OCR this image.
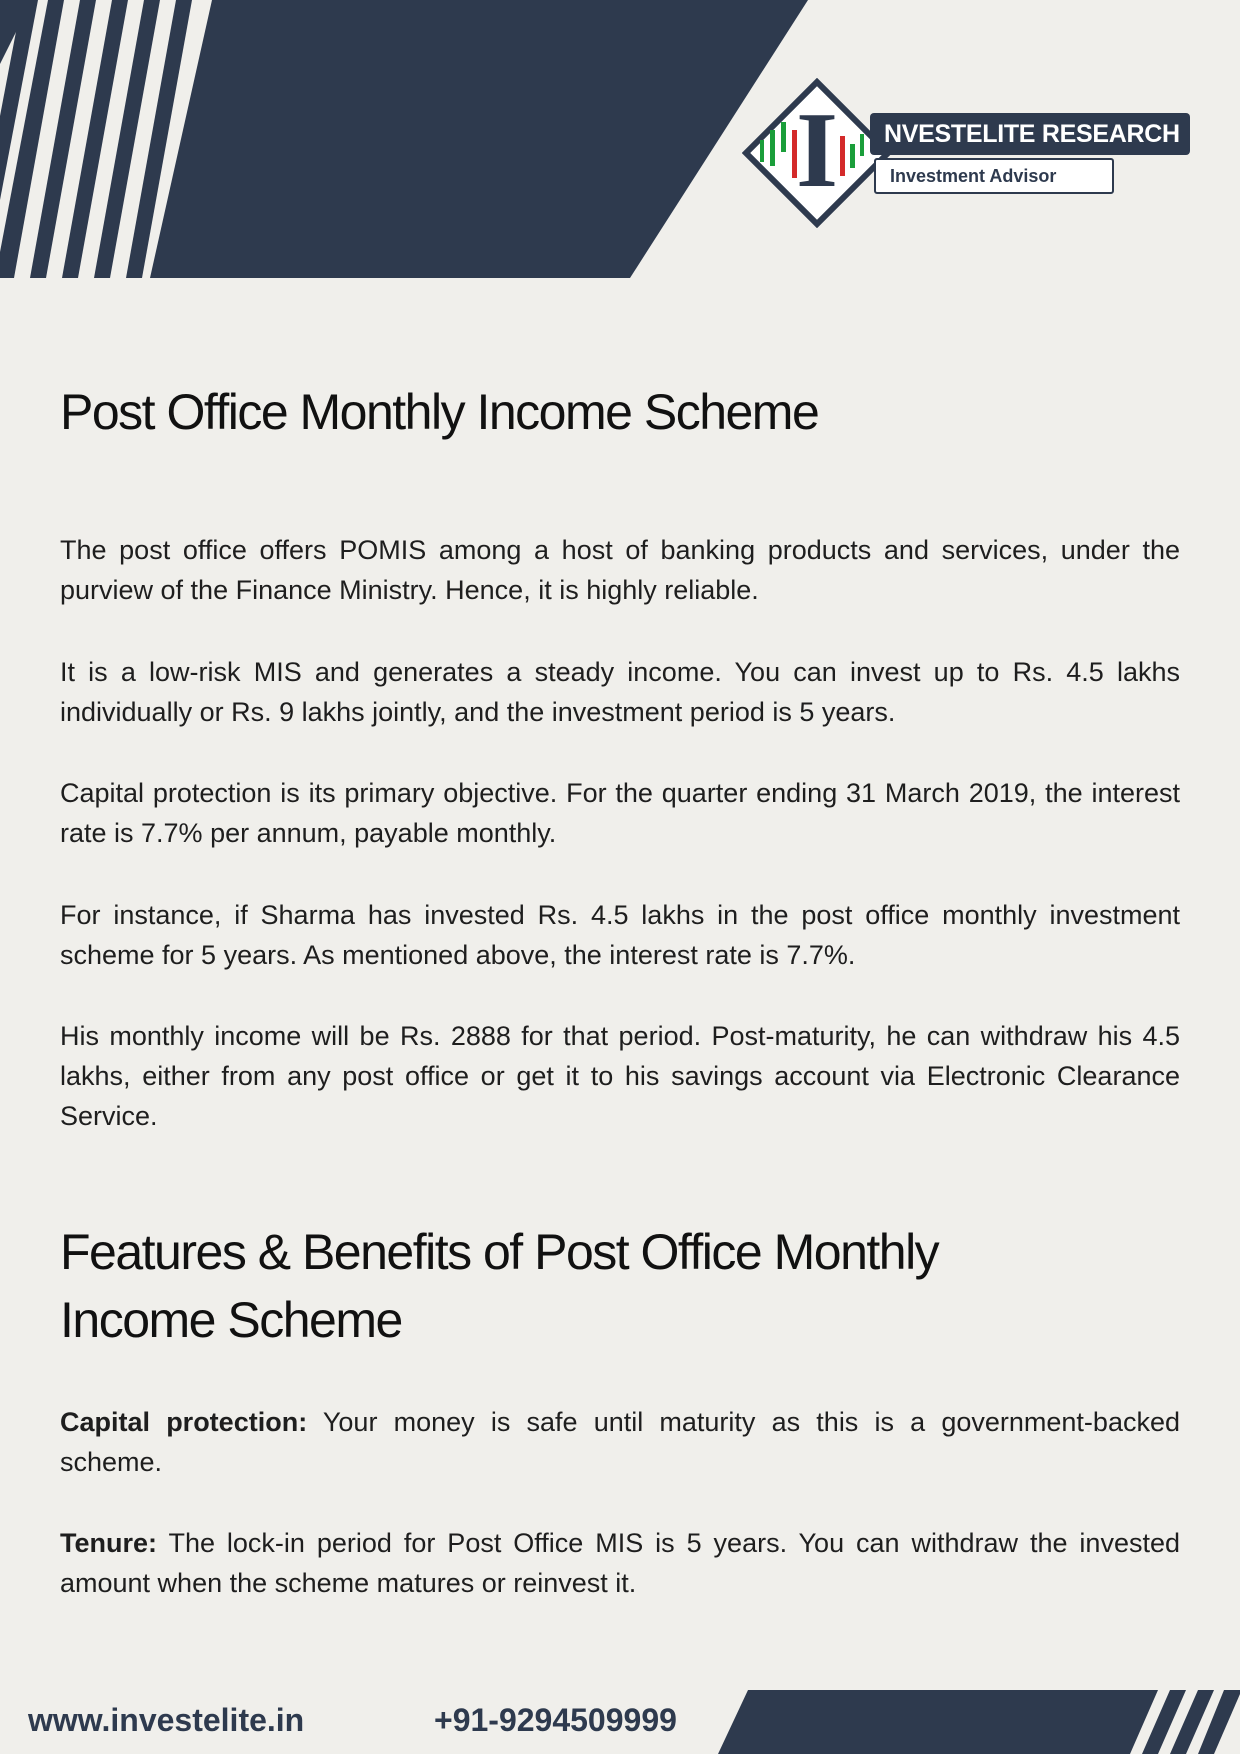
I	NVESTELITE RESEARCH
Investment Advisor
Post Office Monthly Income Scheme

The post office offers POMIS among a host of banking products and services, under the purview of the Finance Ministry. Hence, it is highly reliable.

It is a low-risk MIS and generates a steady income. You can invest up to Rs. 4.5 lakhs individually or Rs. 9 lakhs jointly, and the investment period is 5 years.

Capital protection is its primary objective. For the quarter ending 31 March 2019, the interest rate is 7.7% per annum, payable monthly.

For instance, if Sharma has invested Rs. 4.5 lakhs in the post office monthly investment scheme for 5 years. As mentioned above, the interest rate is 7.7%.

His monthly income will be Rs. 2888 for that period. Post-maturity, he can withdraw his 4.5 lakhs, either from any post office or get it to his savings account via Electronic Clearance Service.

Features & Benefits of Post Office Monthly Income Scheme

Capital protection: Your money is safe until maturity as this is a government-backed scheme.

Tenure: The lock-in period for Post Office MIS is 5 years. You can withdraw the invested amount when the scheme matures or reinvest it.

www.investelite.in	+91-9294509999
